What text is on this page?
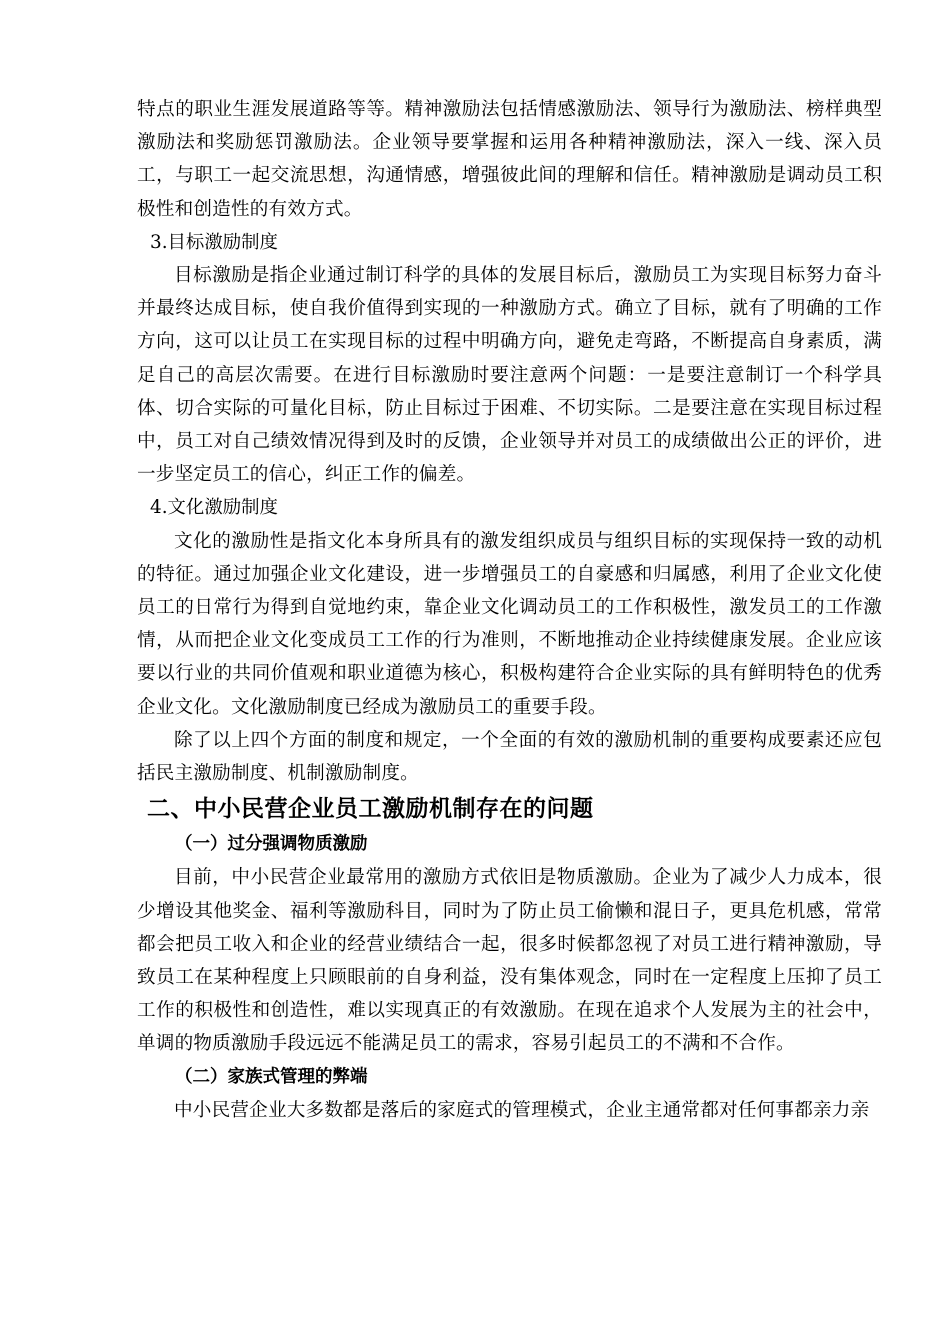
特点的职业生涯发展道路等等。精神激励法包括情感激励法、领导行为激励法、榜样典型激励法和奖励惩罚激励法。企业领导要掌握和运用各种精神激励法，深入一线、深入员工，与职工一起交流思想，沟通情感，增强彼此间的理解和信任。精神激励是调动员工积极性和创造性的有效方式。

3.目标激励制度

目标激励是指企业通过制订科学的具体的发展目标后，激励员工为实现目标努力奋斗并最终达成目标，使自我价值得到实现的一种激励方式。确立了目标，就有了明确的工作方向，这可以让员工在实现目标的过程中明确方向，避免走弯路，不断提高自身素质，满足自己的高层次需要。在进行目标激励时要注意两个问题：一是要注意制订一个科学具体、切合实际的可量化目标，防止目标过于困难、不切实际。二是要注意在实现目标过程中，员工对自己绩效情况得到及时的反馈，企业领导并对员工的成绩做出公正的评价，进一步坚定员工的信心，纠正工作的偏差。

4.文化激励制度

文化的激励性是指文化本身所具有的激发组织成员与组织目标的实现保持一致的动机的特征。通过加强企业文化建设，进一步增强员工的自豪感和归属感，利用了企业文化使员工的日常行为得到自觉地约束，靠企业文化调动员工的工作积极性，激发员工的工作激情，从而把企业文化变成员工工作的行为准则，不断地推动企业持续健康发展。企业应该要以行业的共同价值观和职业道德为核心，积极构建符合企业实际的具有鲜明特色的优秀企业文化。文化激励制度已经成为激励员工的重要手段。

除了以上四个方面的制度和规定，一个全面的有效的激励机制的重要构成要素还应包括民主激励制度、机制激励制度。

二、中小民营企业员工激励机制存在的问题
（一）过分强调物质激励

目前，中小民营企业最常用的激励方式依旧是物质激励。企业为了减少人力成本，很少增设其他奖金、福利等激励科目，同时为了防止员工偷懒和混日子，更具危机感，常常都会把员工收入和企业的经营业绩结合一起，很多时候都忽视了对员工进行精神激励，导致员工在某种程度上只顾眼前的自身利益，没有集体观念，同时在一定程度上压抑了员工工作的积极性和创造性，难以实现真正的有效激励。在现在追求个人发展为主的社会中，单调的物质激励手段远远不能满足员工的需求，容易引起员工的不满和不合作。

（二）家族式管理的弊端

中小民营企业大多数都是落后的家庭式的管理模式，企业主通常都对任何事都亲力亲
